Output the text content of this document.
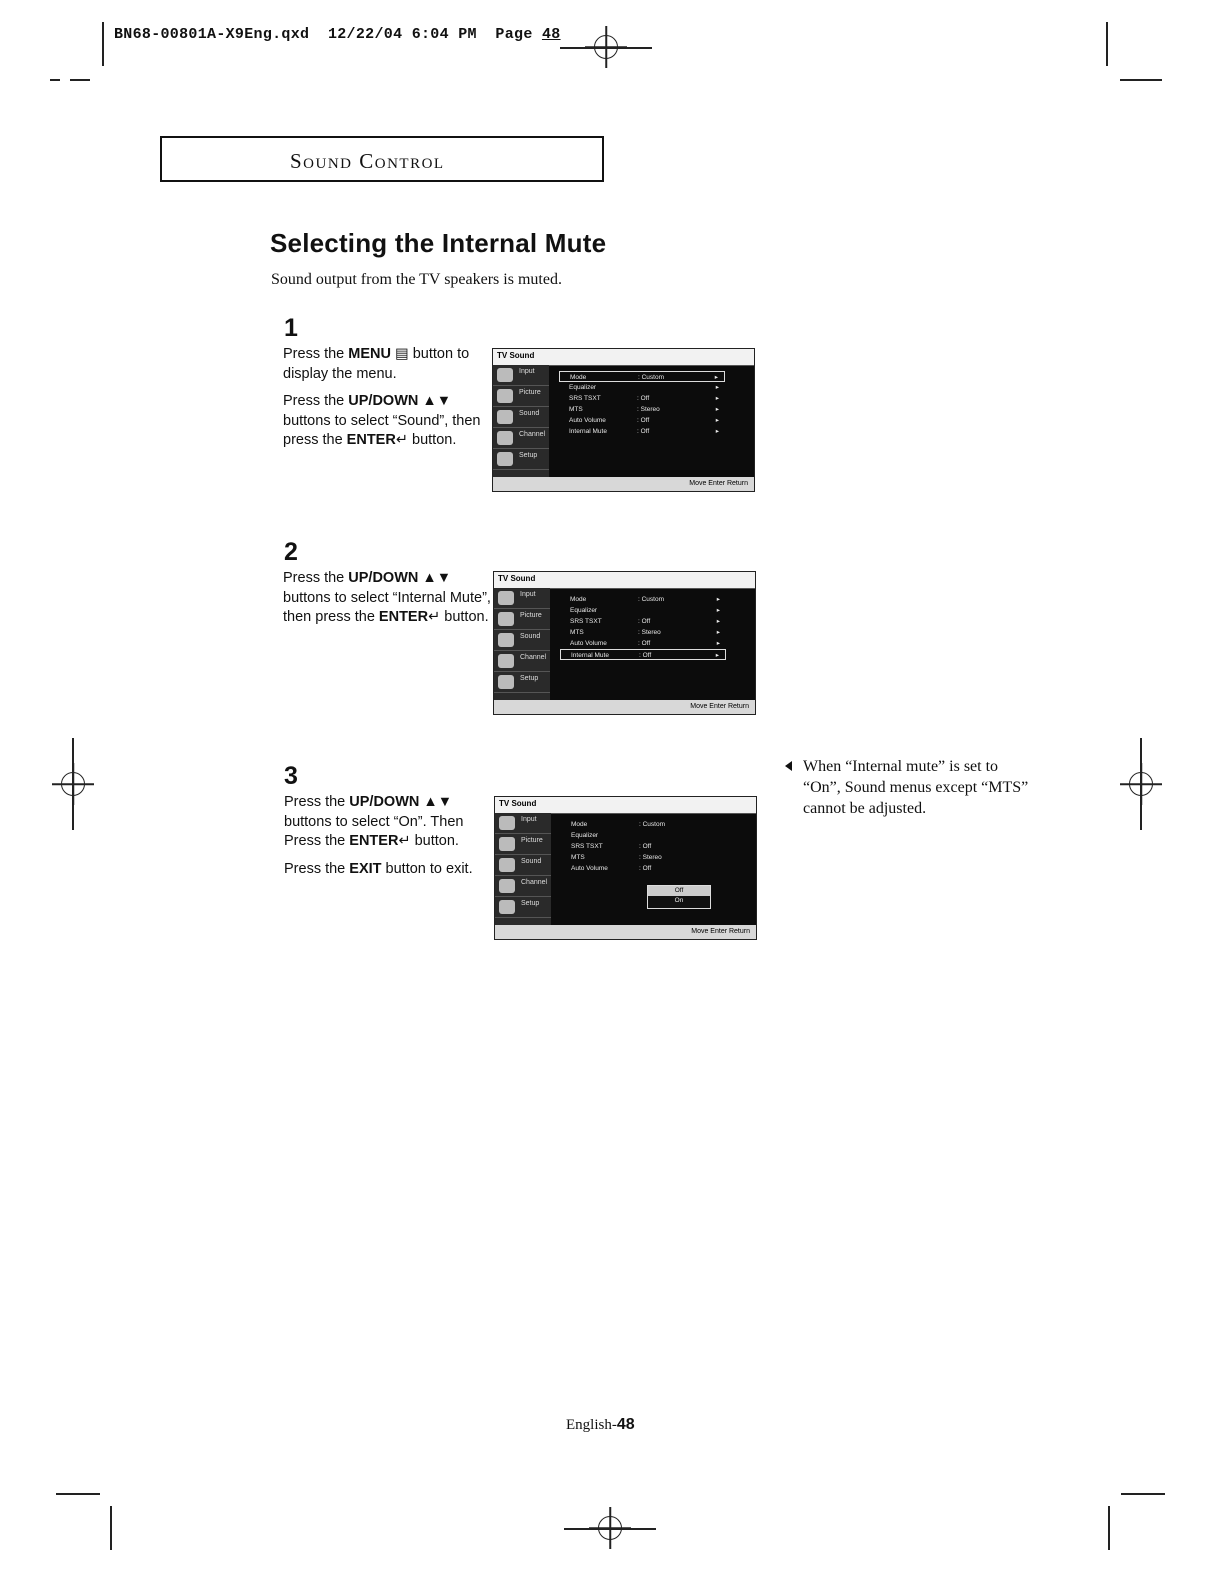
BN68-00801A-X9Eng.qxd 12/22/04 6:04 PM Page 48
Sound Control
Selecting the Internal Mute
Sound output from the TV speakers is muted.
1

Press the MENU ▤ button to display the menu.

Press the UP/DOWN ▲▼ buttons to select “Sound”, then press the ENTER↵ button.

TV Sound
Input
Picture
Sound
Channel
Setup
Mode	: Custom	▸
Equalizer	▸
SRS TSXT	: Off	▸
MTS	: Stereo	▸
Auto Volume	: Off	▸
Internal Mute	: Off	▸
Move Enter Return
2

Press the UP/DOWN ▲▼ buttons to select “Internal Mute”, then press the ENTER↵ button.

TV Sound
Input
Picture
Sound
Channel
Setup
Mode	: Custom	▸
Equalizer	▸
SRS TSXT	: Off	▸
MTS	: Stereo	▸
Auto Volume	: Off	▸
Internal Mute	: Off	▸
Move Enter Return
3

Press the UP/DOWN ▲▼ buttons to select “On”. Then Press the ENTER↵ button.

Press the EXIT button to exit.

TV Sound
Input
Picture
Sound
Channel
Setup
Mode	: Custom
Equalizer
SRS TSXT	: Off
MTS	: Stereo
Auto Volume	: Off
Off
On
Move Enter Return
When “Internal mute” is set to “On”, Sound menus except “MTS” cannot be adjusted.
English-48
